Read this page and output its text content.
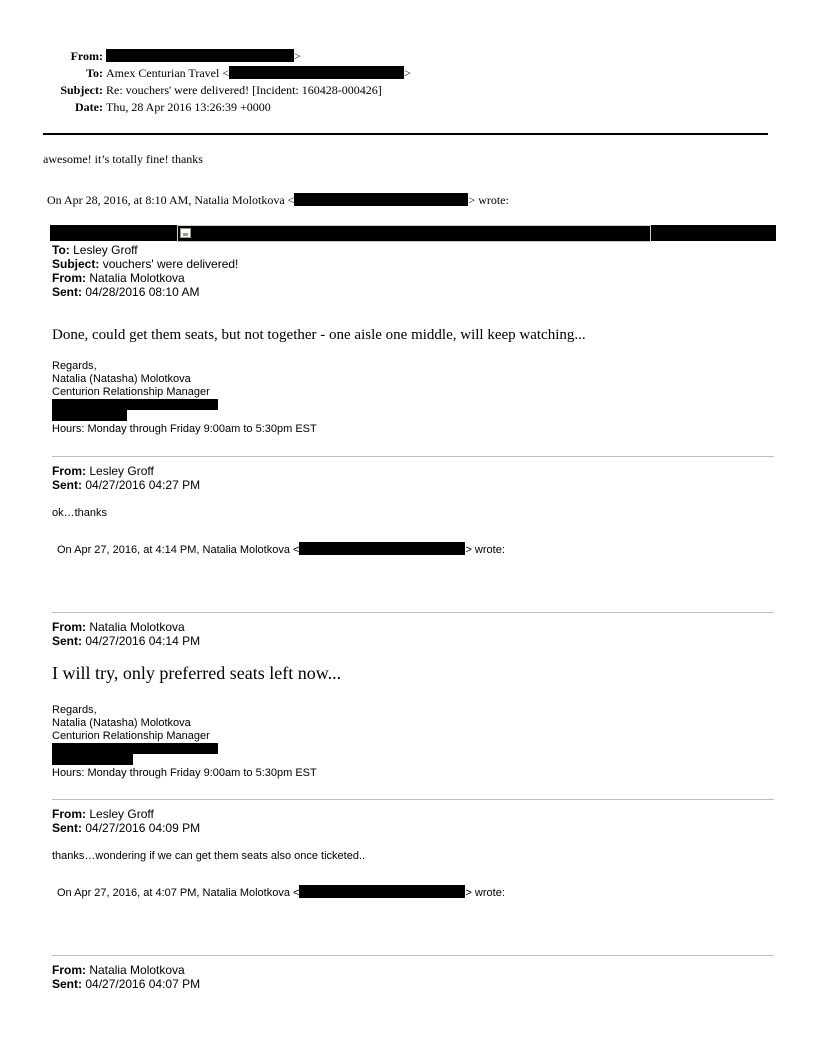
From:	>
To: Amex Centurian Travel <	>
Subject: Re: vouchers' were delivered! [Incident: 160428-000426]
Date: Thu, 28 Apr 2016 13:26:39 +0000
awesome! it’s totally fine! thanks
On Apr 28, 2016, at 8:10 AM, Natalia Molotkova <	> wrote:
To: Lesley Groff
Subject: vouchers' were delivered!
From: Natalia Molotkova
Sent: 04/28/2016 08:10 AM
Done, could get them seats, but not together - one aisle one middle, will keep watching...
Regards,
Natalia (Natasha) Molotkova
Centurion Relationship Manager
Hours: Monday through Friday 9:00am to 5:30pm EST
From: Lesley Groff
Sent: 04/27/2016 04:27 PM
ok…thanks
On Apr 27, 2016, at 4:14 PM, Natalia Molotkova <	> wrote:
From: Natalia Molotkova
Sent: 04/27/2016 04:14 PM
I will try, only preferred seats left now...
Regards,
Natalia (Natasha) Molotkova
Centurion Relationship Manager
Hours: Monday through Friday 9:00am to 5:30pm EST
From: Lesley Groff
Sent: 04/27/2016 04:09 PM
thanks…wondering if we can get them seats also once ticketed..
On Apr 27, 2016, at 4:07 PM, Natalia Molotkova <	> wrote:
From: Natalia Molotkova
Sent: 04/27/2016 04:07 PM
